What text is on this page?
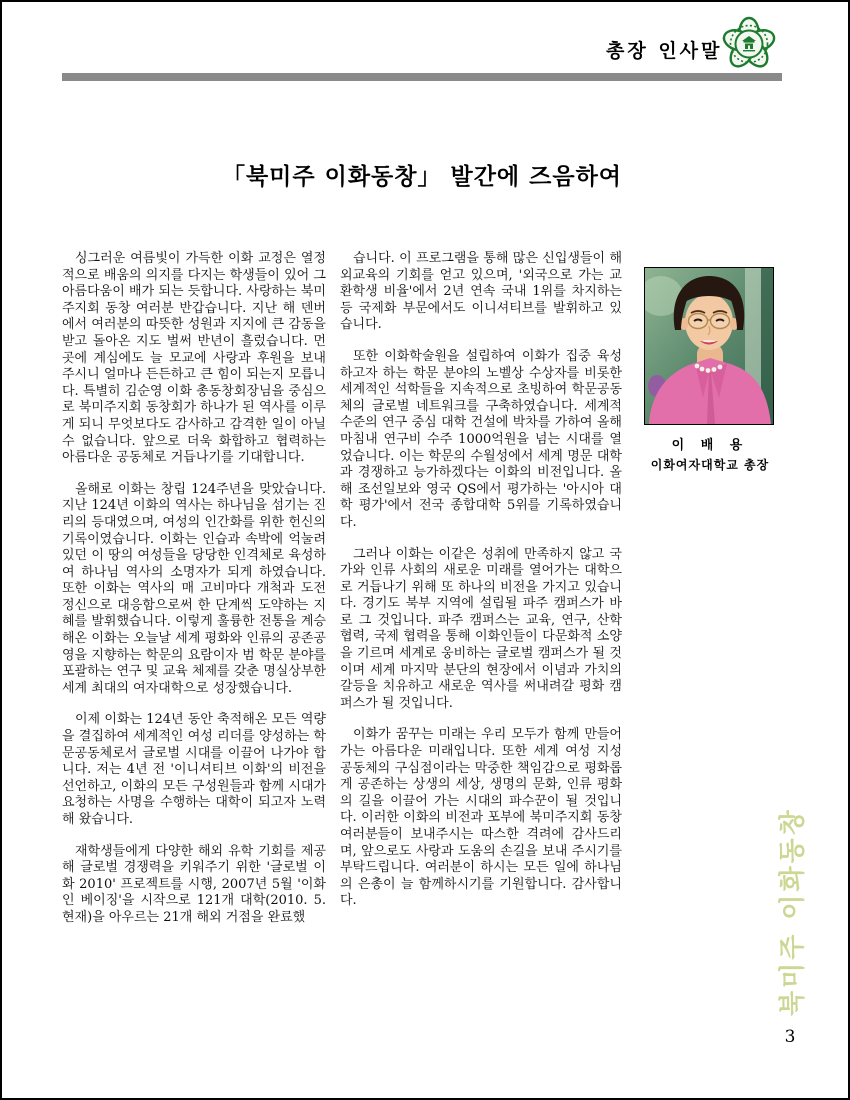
총장 인사말
「북미주 이화동창」 발간에 즈음하여

싱그러운 여름빛이 가득한 이화 교정은 열정적으로 배움의 의지를 다지는 학생들이 있어 그 아름다움이 배가 되는 듯합니다. 사랑하는 북미주지회 동창 여러분 반갑습니다. 지난 해 덴버에서 여러분의 따뜻한 성원과 지지에 큰 감동을 받고 돌아온 지도 벌써 반년이 흘렀습니다. 먼 곳에 계심에도 늘 모교에 사랑과 후원을 보내 주시니 얼마나 든든하고 큰 힘이 되는지 모릅니다. 특별히 김순영 이화 총동창회장님을 중심으로 북미주지회 동창회가 하나가 된 역사를 이루게 되니 무엇보다도 감사하고 감격한 일이 아닐 수 없습니다. 앞으로 더욱 화합하고 협력하는 아름다운 공동체로 거듭나기를 기대합니다.

올해로 이화는 창립 124주년을 맞았습니다. 지난 124년 이화의 역사는 하나님을 섬기는 진리의 등대였으며, 여성의 인간화를 위한 헌신의 기록이였습니다. 이화는 인습과 속박에 억눌려 있던 이 땅의 여성들을 당당한 인격체로 육성하여 하나님 역사의 소명자가 되게 하였습니다. 또한 이화는 역사의 매 고비마다 개척과 도전 정신으로 대응함으로써 한 단계씩 도약하는 지혜를 발휘했습니다. 이렇게 훌륭한 전통을 계승해온 이화는 오늘날 세계 평화와 인류의 공존공영을 지향하는 학문의 요람이자 범 학문 분야를 포괄하는 연구 및 교육 체제를 갖춘 명실상부한 세계 최대의 여자대학으로 성장했습니다.

이제 이화는 124년 동안 축적해온 모든 역량을 결집하여 세계적인 여성 리더를 양성하는 학문공동체로서 글로벌 시대를 이끌어 나가야 합니다. 저는 4년 전 '이니셔티브 이화'의 비전을 선언하고, 이화의 모든 구성원들과 함께 시대가 요청하는 사명을 수행하는 대학이 되고자 노력해 왔습니다.

재학생들에게 다양한 해외 유학 기회를 제공해 글로벌 경쟁력을 키워주기 위한 '글로벌 이화 2010' 프로젝트를 시행, 2007년 5월 '이화 인 베이징'을 시작으로 121개 대학(2010. 5. 현재)을 아우르는 21개 해외 거점을 완료했

습니다. 이 프로그램을 통해 많은 신입생들이 해외교육의 기회를 얻고 있으며, '외국으로 가는 교환학생 비율'에서 2년 연속 국내 1위를 차지하는 등 국제화 부문에서도 이니셔티브를 발휘하고 있습니다.

또한 이화학술원을 설립하여 이화가 집중 육성하고자 하는 학문 분야의 노벨상 수상자를 비롯한 세계적인 석학들을 지속적으로 초빙하여 학문공동체의 글로벌 네트워크를 구축하였습니다. 세계적 수준의 연구 중심 대학 건설에 박차를 가하여 올해 마침내 연구비 수주 1000억원을 넘는 시대를 열었습니다. 이는 학문의 수월성에서 세계 명문 대학과 경쟁하고 능가하겠다는 이화의 비전입니다. 올해 조선일보와 영국 QS에서 평가하는 '아시아 대학 평가'에서 전국 종합대학 5위를 기록하였습니다.

그러나 이화는 이같은 성취에 만족하지 않고 국가와 인류 사회의 새로운 미래를 열어가는 대학으로 거듭나기 위해 또 하나의 비전을 가지고 있습니다. 경기도 북부 지역에 설립될 파주 캠퍼스가 바로 그 것입니다. 파주 캠퍼스는 교육, 연구, 산학 협력, 국제 협력을 통해 이화인들이 다문화적 소양을 기르며 세계로 웅비하는 글로벌 캠퍼스가 될 것이며 세계 마지막 분단의 현장에서 이념과 가치의 갈등을 치유하고 새로운 역사를 써내려갈 평화 캠퍼스가 될 것입니다.

이화가 꿈꾸는 미래는 우리 모두가 함께 만들어가는 아름다운 미래입니다. 또한 세계 여성 지성 공동체의 구심점이라는 막중한 책임감으로 평화롭게 공존하는 상생의 세상, 생명의 문화, 인류 평화의 길을 이끌어 가는 시대의 파수꾼이 될 것입니다. 이러한 이화의 비전과 포부에 북미주지회 동창 여러분들이 보내주시는 따스한 격려에 감사드리며, 앞으로도 사랑과 도움의 손길을 보내 주시기를 부탁드립니다. 여러분이 하시는 모든 일에 하나님의 은총이 늘 함께하시기를 기원합니다. 감사합니다.

이 배 용
이화여자대학교 총장
북미주 이화동창
3
